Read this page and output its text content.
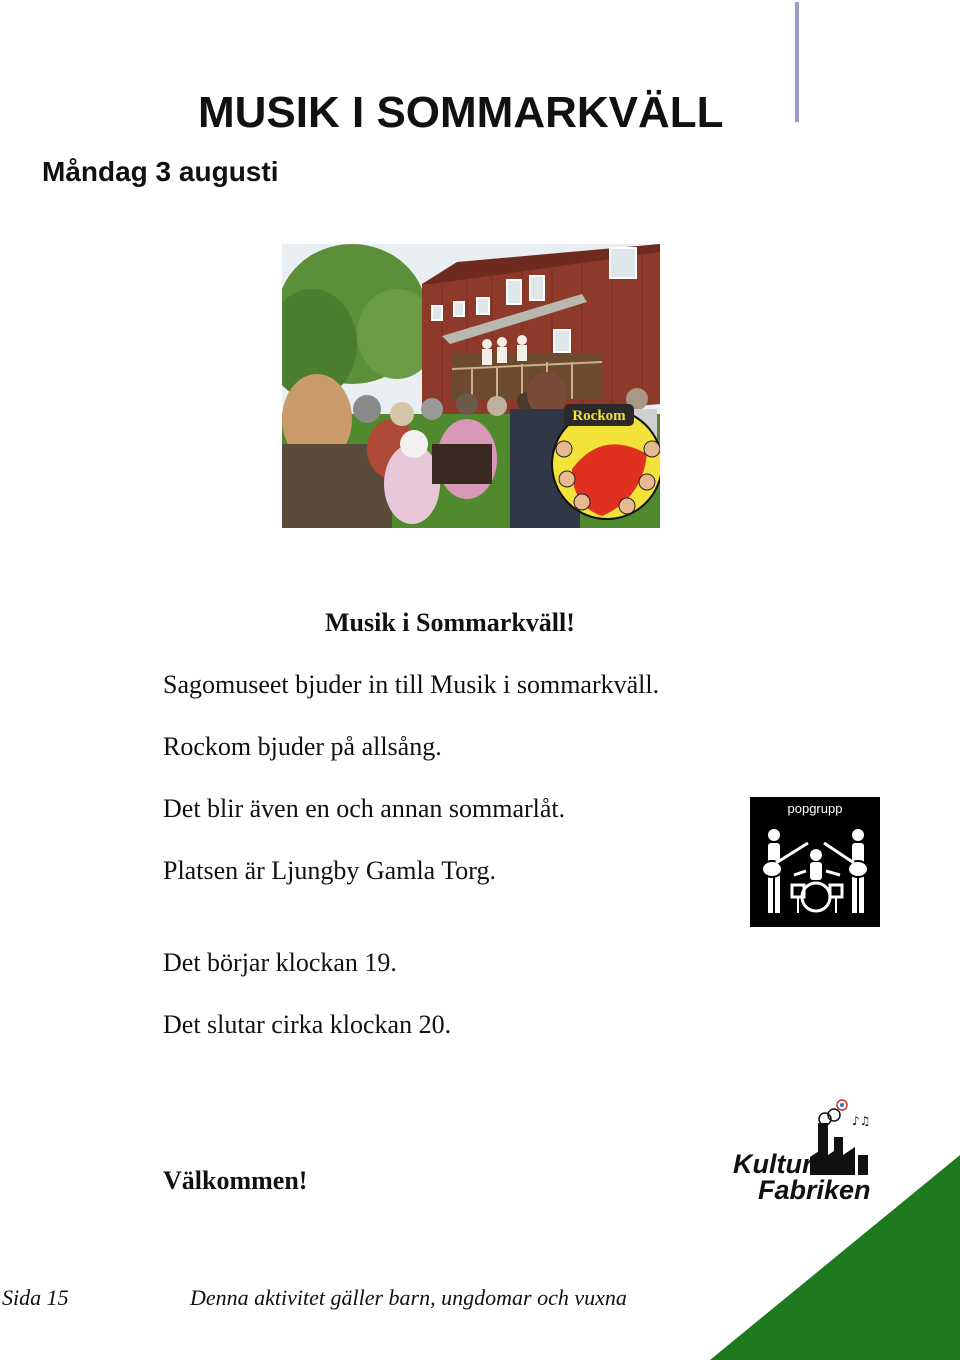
MUSIK I SOMMARKVÄLL
Måndag 3 augusti
Rockom
Musik i Sommarkväll!
Sagomuseet bjuder in till Musik i sommarkväll.
Rockom bjuder på allsång.
Det blir även en och annan sommarlåt.
Platsen är Ljungby Gamla Torg.
Det börjar klockan 19.
Det slutar cirka klockan 20.
Välkommen!
popgrupp
♪♫
Kultur
Fabriken
Sida 15	Denna aktivitet gäller barn, ungdomar och vuxna
